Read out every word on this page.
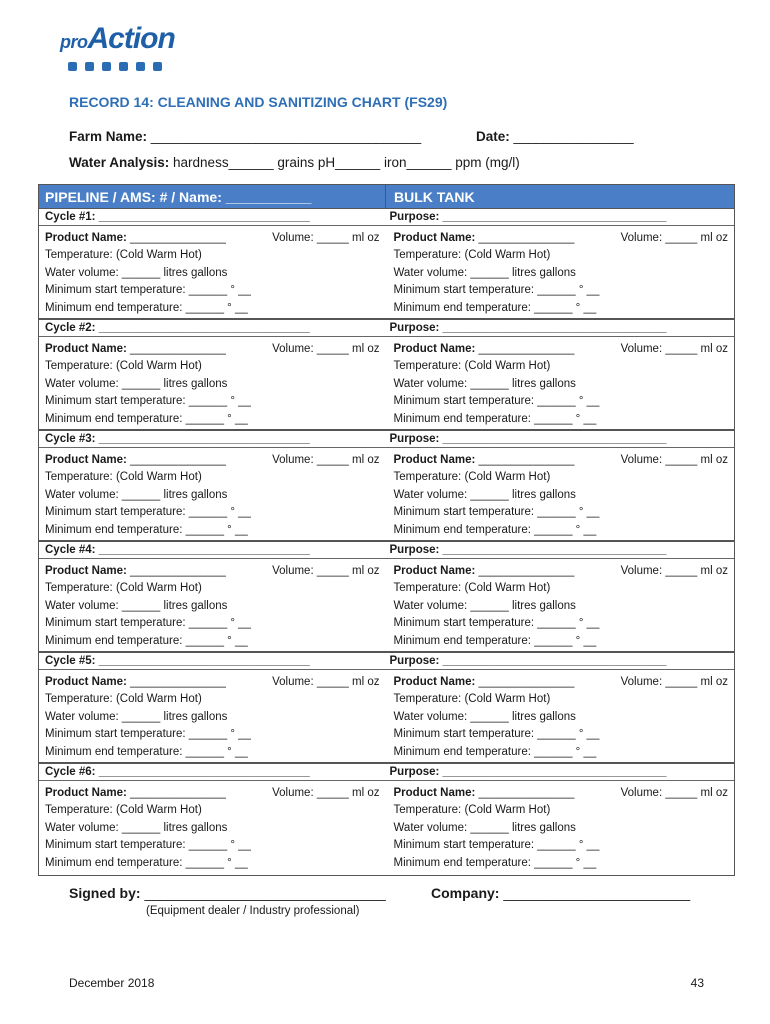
proAction
RECORD 14: CLEANING AND SANITIZING CHART (FS29)
Farm Name: ____________________________________	Date: ________________
Water Analysis: hardness______ grains pH______ iron______ ppm (mg/l)
PIPELINE / AMS: # / Name: ___________	BULK TANK
Cycle #1: _________________________________	Purpose: ___________________________________
Product Name: _______________	Volume: _____ ml oz
Temperature: (Cold Warm Hot)
Water volume: ______ litres gallons
Minimum start temperature: ______ ° __
Minimum end temperature: ______ ° __
Product Name: _______________	Volume: _____ ml oz
Temperature: (Cold Warm Hot)
Water volume: ______ litres gallons
Minimum start temperature: ______ ° __
Minimum end temperature: ______ ° __
Cycle #2: _________________________________	Purpose: ___________________________________
Product Name: _______________	Volume: _____ ml oz
Temperature: (Cold Warm Hot)
Water volume: ______ litres gallons
Minimum start temperature: ______ ° __
Minimum end temperature: ______ ° __
Product Name: _______________	Volume: _____ ml oz
Temperature: (Cold Warm Hot)
Water volume: ______ litres gallons
Minimum start temperature: ______ ° __
Minimum end temperature: ______ ° __
Cycle #3: _________________________________	Purpose: ___________________________________
Product Name: _______________	Volume: _____ ml oz
Temperature: (Cold Warm Hot)
Water volume: ______ litres gallons
Minimum start temperature: ______ ° __
Minimum end temperature: ______ ° __
Product Name: _______________	Volume: _____ ml oz
Temperature: (Cold Warm Hot)
Water volume: ______ litres gallons
Minimum start temperature: ______ ° __
Minimum end temperature: ______ ° __
Cycle #4: _________________________________	Purpose: ___________________________________
Product Name: _______________	Volume: _____ ml oz
Temperature: (Cold Warm Hot)
Water volume: ______ litres gallons
Minimum start temperature: ______ ° __
Minimum end temperature: ______ ° __
Product Name: _______________	Volume: _____ ml oz
Temperature: (Cold Warm Hot)
Water volume: ______ litres gallons
Minimum start temperature: ______ ° __
Minimum end temperature: ______ ° __
Cycle #5: _________________________________	Purpose: ___________________________________
Product Name: _______________	Volume: _____ ml oz
Temperature: (Cold Warm Hot)
Water volume: ______ litres gallons
Minimum start temperature: ______ ° __
Minimum end temperature: ______ ° __
Product Name: _______________	Volume: _____ ml oz
Temperature: (Cold Warm Hot)
Water volume: ______ litres gallons
Minimum start temperature: ______ ° __
Minimum end temperature: ______ ° __
Cycle #6: _________________________________	Purpose: ___________________________________
Product Name: _______________	Volume: _____ ml oz
Temperature: (Cold Warm Hot)
Water volume: ______ litres gallons
Minimum start temperature: ______ ° __
Minimum end temperature: ______ ° __
Product Name: _______________	Volume: _____ ml oz
Temperature: (Cold Warm Hot)
Water volume: ______ litres gallons
Minimum start temperature: ______ ° __
Minimum end temperature: ______ ° __
Signed by: _______________________________
(Equipment dealer / Industry professional)
Company: ________________________
December 2018	43
